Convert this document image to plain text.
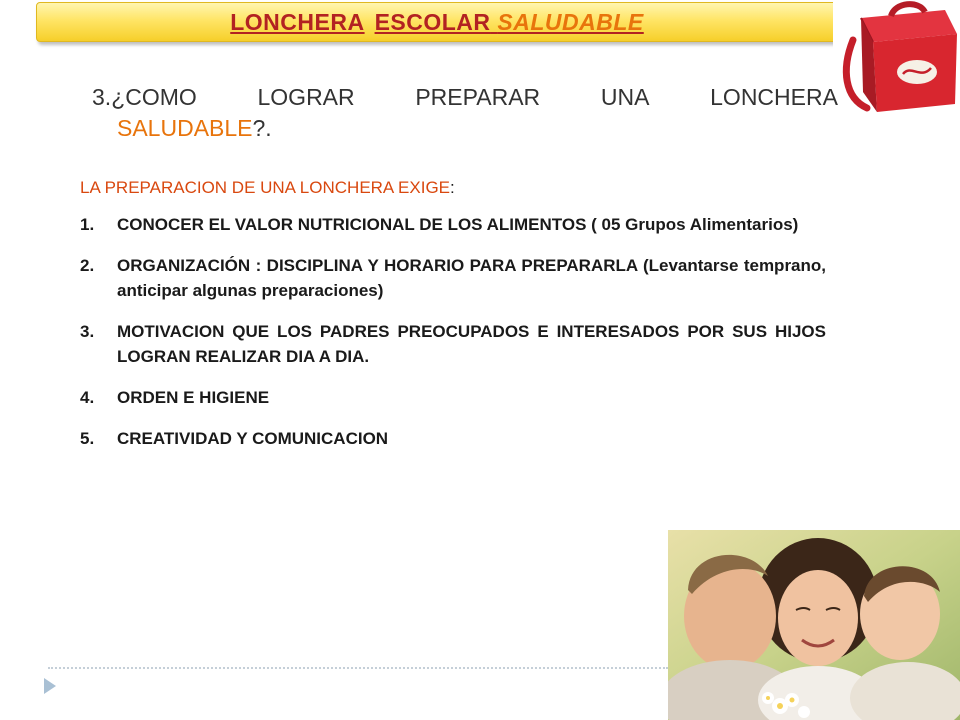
LONCHERA ESCOLAR SALUDABLE
3.¿COMO	LOGRAR	PREPARAR	UNA	LONCHERA
SALUDABLE?.

LA PREPARACION DE UNA LONCHERA EXIGE:

1.	CONOCER EL VALOR NUTRICIONAL DE LOS ALIMENTOS ( 05 Grupos Alimentarios)
2.	ORGANIZACIÓN : DISCIPLINA Y HORARIO PARA PREPARARLA (Levantarse temprano, anticipar algunas preparaciones)
3.	MOTIVACION QUE LOS PADRES PREOCUPADOS E INTERESADOS POR SUS HIJOS LOGRAN REALIZAR DIA A DIA.
4.	ORDEN E HIGIENE
5.	CREATIVIDAD Y COMUNICACION
